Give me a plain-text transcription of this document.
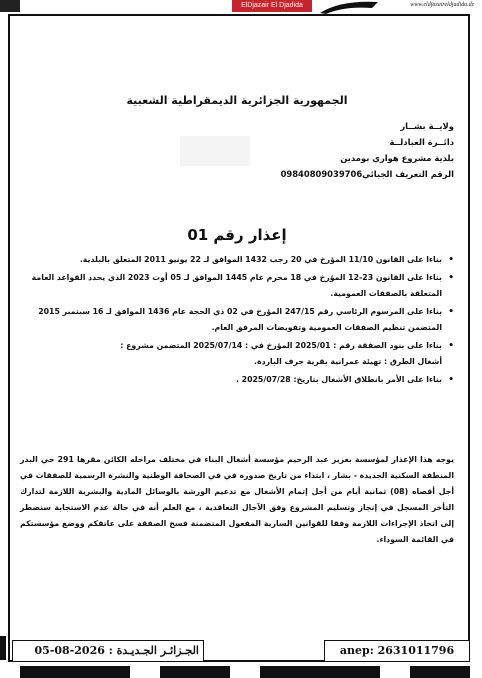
ElDjazair El Djadida	www.eldjazaireldjadida.dz
الجمهورية الجزائرية الديمقراطية الشعبية
ولايــة بشــار
دائــرة العبادلــة
بلدية مشروع هواري بومدين
الرقم التعريف الجبائي09840809039706
إعذار رقم 01
• بناءا على القانون 11/10 المؤرخ في 20 رجب 1432 الموافق لـ 22 يونيو 2011 المتعلق بالبلدية.
• بناءا على القانون 23-12 المؤرخ في 18 محرم عام 1445 الموافق لـ 05 أوت 2023 الذي يحدد القواعد العامة المتعلقة بالصفقات العمومية.
• بناءا على المرسوم الرئاسي رقم 247/15 المؤرخ في 02 ذي الحجة عام 1436 الموافق لـ 16 سبتمبر 2015 المتضمن تنظيم الصفقات العمومية وتفويضات المرفق العام.
• بناءا على بنود الصفقة رقم : 2025/01 المؤرخ في : 2025/07/14 المتضمن مشروع :
أشغال الطرق : تهيئة عمرانية بقرية جرف الباردة.
• بناءا على الأمر بانطلاق الأشغال بتاريخ: 2025/07/28 .
يوجه هذا الإعذار لمؤسسة بعزيز عبد الرحيم مؤسسة أشغال البناء في مختلف مراحله الكائن مقرها 291 حي البدر المنطقة السكنية الجديدة - بشار ، ابتداء من تاريخ صدوره في في الصحافة الوطنية والنشرة الرسمية للصفقات في أجل أقصاه (08) ثمانية أيام من أجل إتمام الأشغال مع تدعيم الورشة بالوسائل المادية والبشرية اللازمة لتدارك التأخر المسجل في إنجاز وتسليم المشروع وفق الآجال التعاقدية ، مع العلم أنه في حالة عدم الاستجابة سنضطر إلى اتخاذ الإجراءات اللازمة وفقا للقوانين السارية المفعول المتضمنة فسخ الصفقة على عاتقكم ووضع مؤسستكم في القائمة السوداء.
الجـزائـر الجـديـدة : 2026-08-05	anep: 2631011796
